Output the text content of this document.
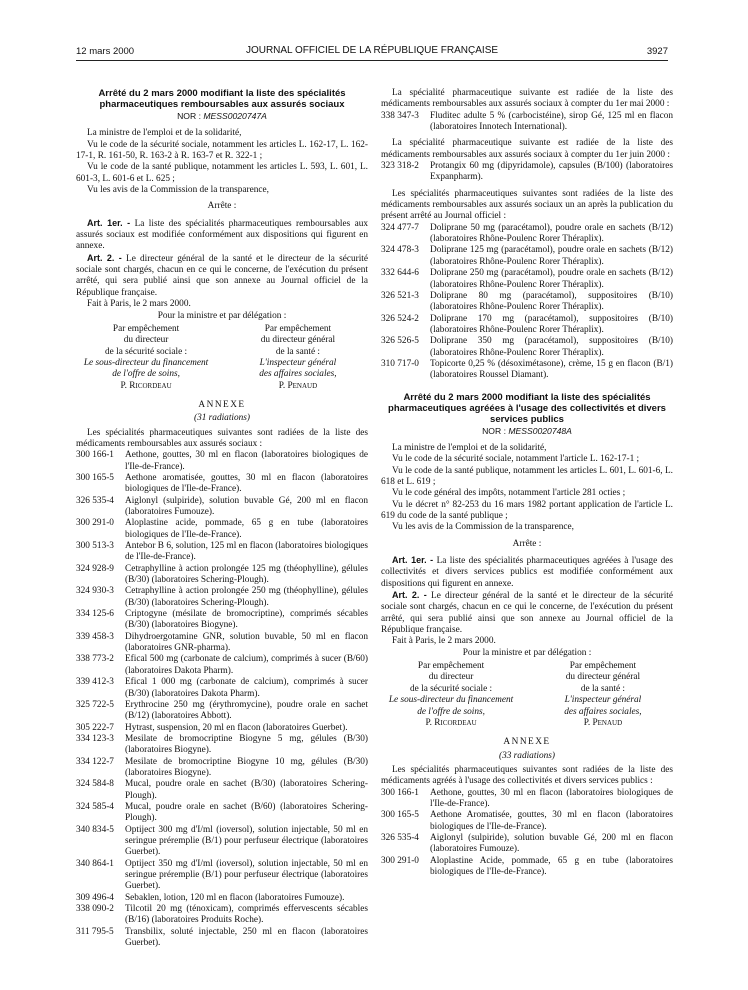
12 mars 2000	JOURNAL OFFICIEL DE LA RÉPUBLIQUE FRANÇAISE	3927
Arrêté du 2 mars 2000 modifiant la liste des spécialités pharmaceutiques remboursables aux assurés sociaux
NOR : MESS0020747A

La ministre de l'emploi et de la solidarité,

Vu le code de la sécurité sociale, notamment les articles L. 162-17, L. 162-17-1, R. 161-50, R. 163-2 à R. 163-7 et R. 322-1 ;

Vu le code de la santé publique, notamment les articles L. 593, L. 601, L. 601-3, L. 601-6 et L. 625 ;

Vu les avis de la Commission de la transparence,

Arrête :

Art. 1er. - La liste des spécialités pharmaceutiques remboursables aux assurés sociaux est modifiée conformément aux dispositions qui figurent en annexe.

Art. 2. - Le directeur général de la santé et le directeur de la sécurité sociale sont chargés, chacun en ce qui le concerne, de l'exécution du présent arrêté, qui sera publié ainsi que son annexe au Journal officiel de la République française.

Fait à Paris, le 2 mars 2000.

Pour la ministre et par délégation :

Par empêchement
du directeur
de la sécurité sociale :
Le sous-directeur du financement
de l'offre de soins,
P. Ricordeau
Par empêchement
du directeur général
de la santé :
L'inspecteur général
des affaires sociales,
P. Penaud
ANNEXE
(31 radiations)

Les spécialités pharmaceutiques suivantes sont radiées de la liste des médicaments remboursables aux assurés sociaux :

300 166-1	Aethone, gouttes, 30 ml en flacon (laboratoires biologiques de l'Ile-de-France).
300 165-5	Aethone aromatisée, gouttes, 30 ml en flacon (laboratoires biologiques de l'Ile-de-France).
326 535-4	Aiglonyl (sulpiride), solution buvable Gé, 200 ml en flacon (laboratoires Fumouze).
300 291-0	Aloplastine acide, pommade, 65 g en tube (laboratoires biologiques de l'Ile-de-France).
300 513-3	Antebor B 6, solution, 125 ml en flacon (laboratoires biologiques de l'Ile-de-France).
324 928-9	Cetraphylline à action prolongée 125 mg (théophylline), gélules (B/30) (laboratoires Schering-Plough).
324 930-3	Cetraphylline à action prolongée 250 mg (théophylline), gélules (B/30) (laboratoires Schering-Plough).
334 125-6	Criptogyne (mésilate de bromocriptine), comprimés sécables (B/30) (laboratoires Biogyne).
339 458-3	Dihydroergotamine GNR, solution buvable, 50 ml en flacon (laboratoires GNR-pharma).
338 773-2	Efical 500 mg (carbonate de calcium), comprimés à sucer (B/60) (laboratoires Dakota Pharm).
339 412-3	Efical 1 000 mg (carbonate de calcium), comprimés à sucer (B/30) (laboratoires Dakota Pharm).
325 722-5	Erythrocine 250 mg (érythromycine), poudre orale en sachet (B/12) (laboratoires Abbott).
305 222-7	Hytrast, suspension, 20 ml en flacon (laboratoires Guerbet).
334 123-3	Mesilate de bromocriptine Biogyne 5 mg, gélules (B/30) (laboratoires Biogyne).
334 122-7	Mesilate de bromocriptine Biogyne 10 mg, gélules (B/30) (laboratoires Biogyne).
324 584-8	Mucal, poudre orale en sachet (B/30) (laboratoires Schering-Plough).
324 585-4	Mucal, poudre orale en sachet (B/60) (laboratoires Schering-Plough).
340 834-5	Optiject 300 mg d'I/ml (ioversol), solution injectable, 50 ml en seringue préremplie (B/1) pour perfuseur électrique (laboratoires Guerbet).
340 864-1	Optiject 350 mg d'I/ml (ioversol), solution injectable, 50 ml en seringue préremplie (B/1) pour perfuseur électrique (laboratoires Guerbet).
309 496-4	Sebaklen, lotion, 120 ml en flacon (laboratoires Fumouze).
338 090-2	Tilcotil 20 mg (ténoxicam), comprimés effervescents sécables (B/16) (laboratoires Produits Roche).
311 795-5	Transbilix, soluté injectable, 250 ml en flacon (laboratoires Guerbet).

La spécialité pharmaceutique suivante est radiée de la liste des médicaments remboursables aux assurés sociaux à compter du 1er mai 2000 :

338 347-3	Fluditec adulte 5 % (carbocistéine), sirop Gé, 125 ml en flacon (laboratoires Innotech International).

La spécialité pharmaceutique suivante est radiée de la liste des médicaments remboursables aux assurés sociaux à compter du 1er juin 2000 :

323 318-2	Protangix 60 mg (dipyridamole), capsules (B/100) (laboratoires Expanpharm).

Les spécialités pharmaceutiques suivantes sont radiées de la liste des médicaments remboursables aux assurés sociaux un an après la publication du présent arrêté au Journal officiel :

324 477-7	Doliprane 50 mg (paracétamol), poudre orale en sachets (B/12) (laboratoires Rhône-Poulenc Rorer Théraplix).
324 478-3	Doliprane 125 mg (paracétamol), poudre orale en sachets (B/12) (laboratoires Rhône-Poulenc Rorer Théraplix).
332 644-6	Doliprane 250 mg (paracétamol), poudre orale en sachets (B/12) (laboratoires Rhône-Poulenc Rorer Théraplix).
326 521-3	Doliprane 80 mg (paracétamol), suppositoires (B/10) (laboratoires Rhône-Poulenc Rorer Théraplix).
326 524-2	Doliprane 170 mg (paracétamol), suppositoires (B/10) (laboratoires Rhône-Poulenc Rorer Théraplix).
326 526-5	Doliprane 350 mg (paracétamol), suppositoires (B/10) (laboratoires Rhône-Poulenc Rorer Théraplix).
310 717-0	Topicorte 0,25 % (désoximétasone), crème, 15 g en flacon (B/1) (laboratoires Roussel Diamant).
Arrêté du 2 mars 2000 modifiant la liste des spécialités pharmaceutiques agréées à l'usage des collectivités et divers services publics
NOR : MESS0020748A

La ministre de l'emploi et de la solidarité,

Vu le code de la sécurité sociale, notamment l'article L. 162-17-1 ;

Vu le code de la santé publique, notamment les articles L. 601, L. 601-6, L. 618 et L. 619 ;

Vu le code général des impôts, notamment l'article 281 octies ;

Vu le décret n° 82-253 du 16 mars 1982 portant application de l'article L. 619 du code de la santé publique ;

Vu les avis de la Commission de la transparence,

Arrête :

Art. 1er. - La liste des spécialités pharmaceutiques agréées à l'usage des collectivités et divers services publics est modifiée conformément aux dispositions qui figurent en annexe.

Art. 2. - Le directeur général de la santé et le directeur de la sécurité sociale sont chargés, chacun en ce qui le concerne, de l'exécution du présent arrêté, qui sera publié ainsi que son annexe au Journal officiel de la République française.

Fait à Paris, le 2 mars 2000.

Pour la ministre et par délégation :

Par empêchement
du directeur
de la sécurité sociale :
Le sous-directeur du financement
de l'offre de soins,
P. Ricordeau
Par empêchement
du directeur général
de la santé :
L'inspecteur général
des affaires sociales,
P. Penaud
ANNEXE
(33 radiations)

Les spécialités pharmaceutiques suivantes sont radiées de la liste des médicaments agréés à l'usage des collectivités et divers services publics :

300 166-1	Aethone, gouttes, 30 ml en flacon (laboratoires biologiques de l'Ile-de-France).
300 165-5	Aethone Aromatisée, gouttes, 30 ml en flacon (laboratoires biologiques de l'Ile-de-France).
326 535-4	Aiglonyl (sulpiride), solution buvable Gé, 200 ml en flacon (laboratoires Fumouze).
300 291-0	Aloplastine Acide, pommade, 65 g en tube (laboratoires biologiques de l'Ile-de-France).
